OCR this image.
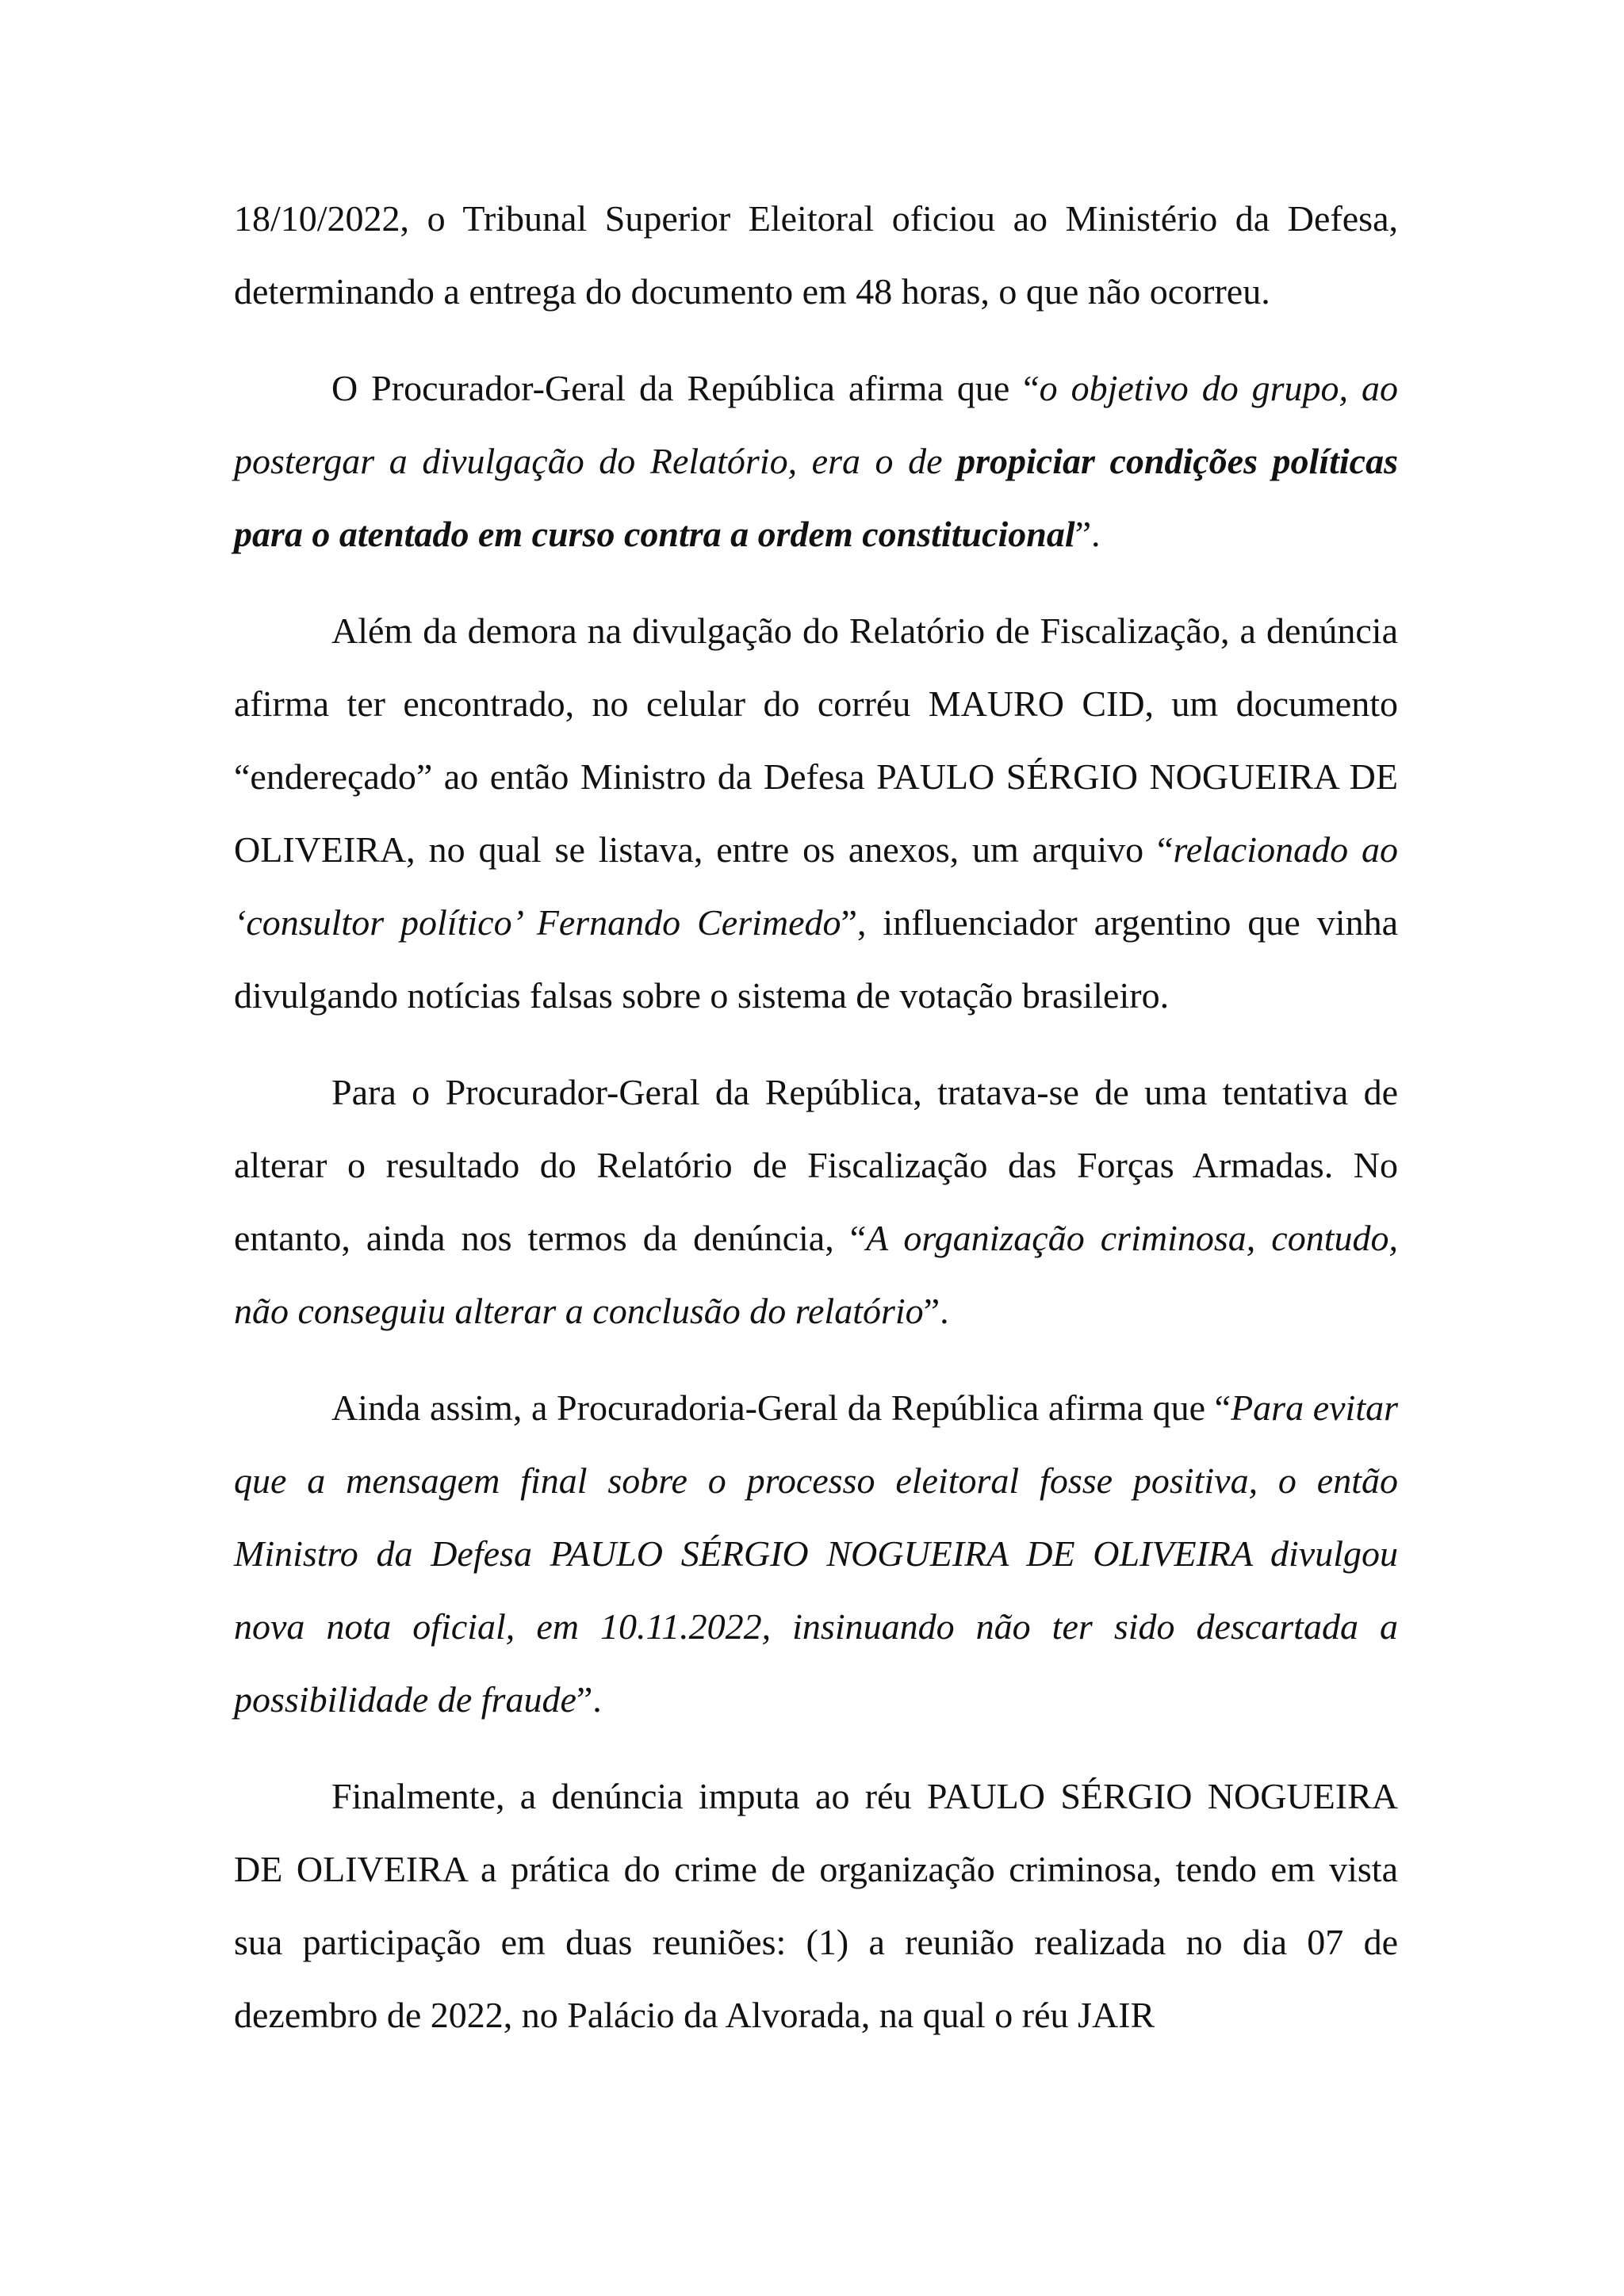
18/10/2022, o Tribunal Superior Eleitoral oficiou ao Ministério da Defesa, determinando a entrega do documento em 48 horas, o que não ocorreu.

O Procurador-Geral da República afirma que “o objetivo do grupo, ao postergar a divulgação do Relatório, era o de propiciar condições políticas para o atentado em curso contra a ordem constitucional”.

Além da demora na divulgação do Relatório de Fiscalização, a denúncia afirma ter encontrado, no celular do corréu MAURO CID, um documento “endereçado” ao então Ministro da Defesa PAULO SÉRGIO NOGUEIRA DE OLIVEIRA, no qual se listava, entre os anexos, um arquivo “relacionado ao ‘consultor político’ Fernando Cerimedo”, influenciador argentino que vinha divulgando notícias falsas sobre o sistema de votação brasileiro.

Para o Procurador-Geral da República, tratava-se de uma tentativa de alterar o resultado do Relatório de Fiscalização das Forças Armadas. No entanto, ainda nos termos da denúncia, “A organização criminosa, contudo, não conseguiu alterar a conclusão do relatório”.

Ainda assim, a Procuradoria-Geral da República afirma que “Para evitar que a mensagem final sobre o processo eleitoral fosse positiva, o então Ministro da Defesa PAULO SÉRGIO NOGUEIRA DE OLIVEIRA divulgou nova nota oficial, em 10.11.2022, insinuando não ter sido descartada a possibilidade de fraude”.

Finalmente, a denúncia imputa ao réu PAULO SÉRGIO NOGUEIRA DE OLIVEIRA a prática do crime de organização criminosa, tendo em vista sua participação em duas reuniões: (1) a reunião realizada no dia 07 de dezembro de 2022, no Palácio da Alvorada, na qual o réu JAIR
